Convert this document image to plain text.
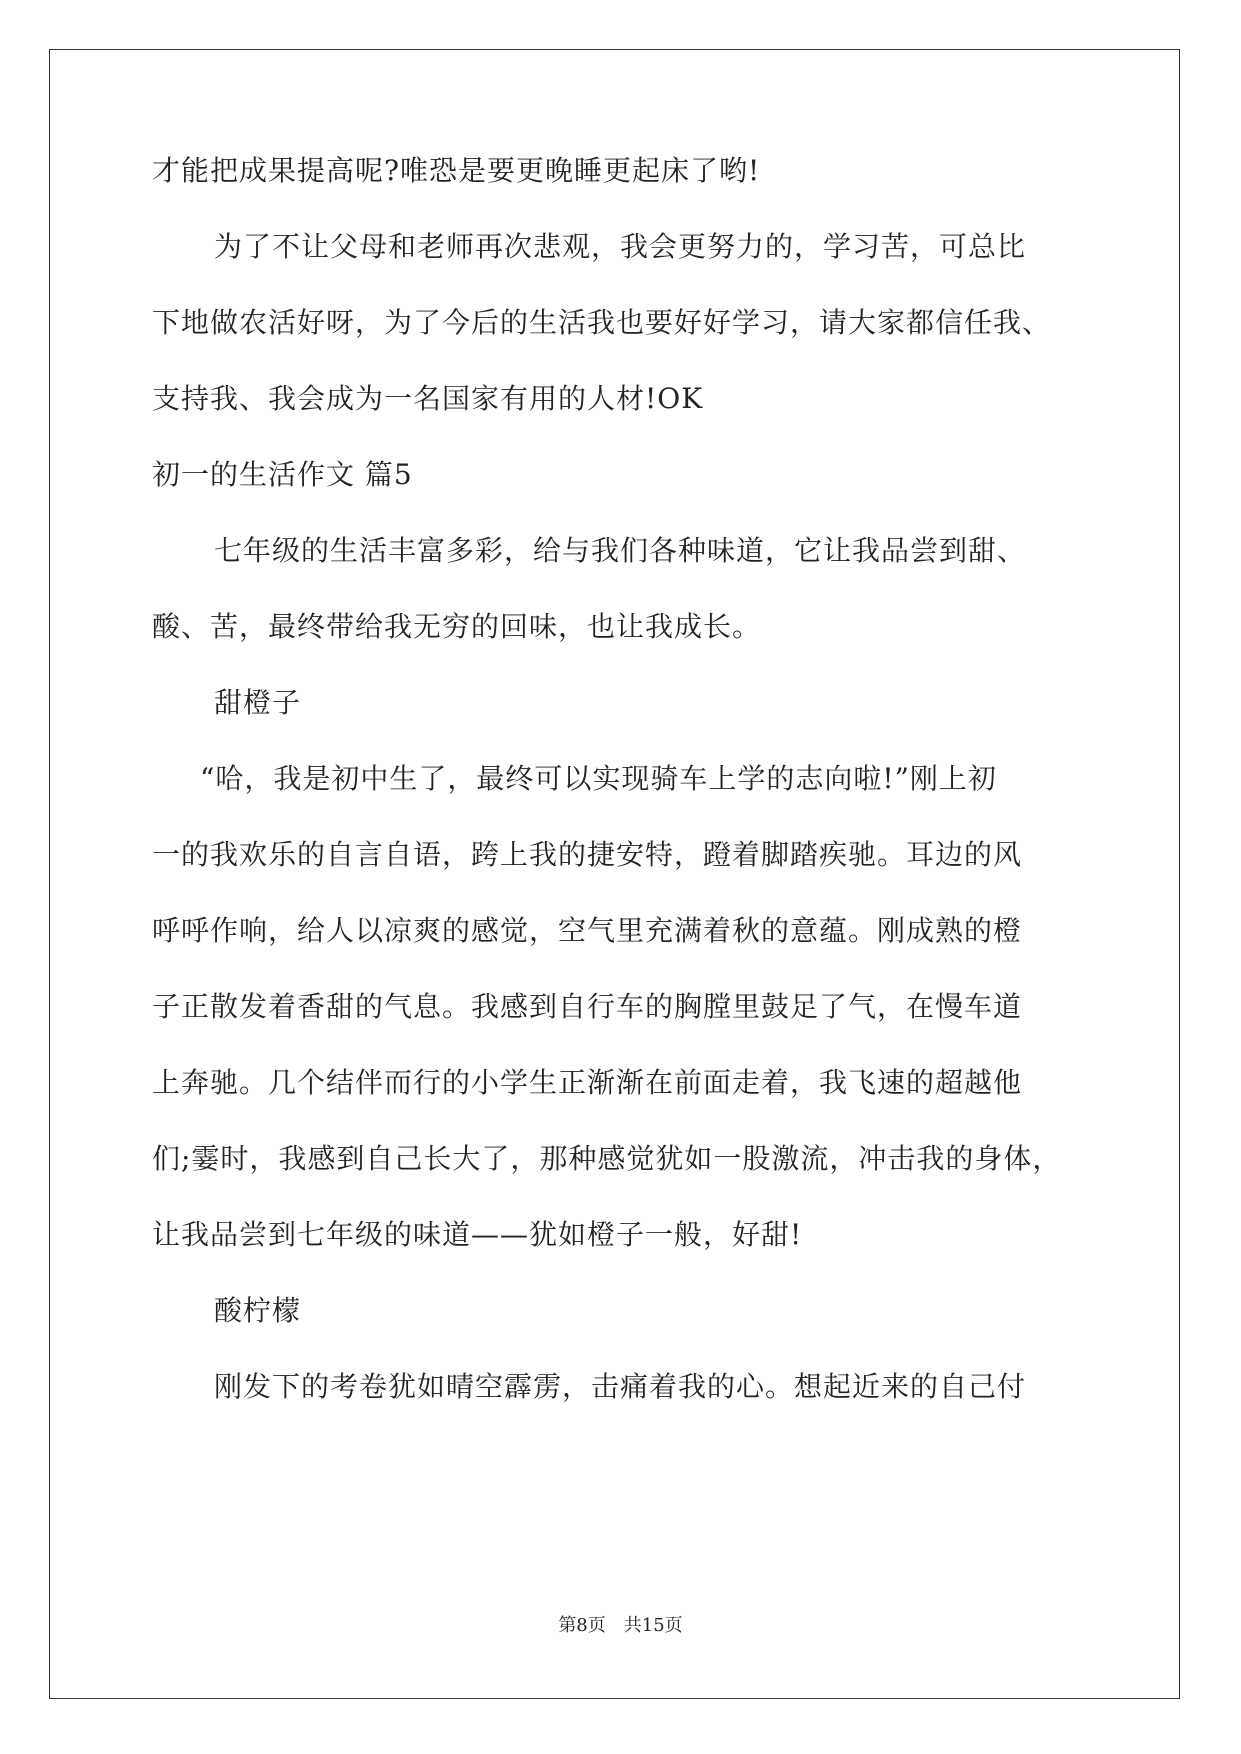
才能把成果提高呢?唯恐是要更晚睡更起床了哟!
为了不让父母和老师再次悲观，我会更努力的，学习苦，可总比
下地做农活好呀，为了今后的生活我也要好好学习，请大家都信任我、
支持我、我会成为一名国家有用的人材!OK
初一的生活作文 篇5
七年级的生活丰富多彩，给与我们各种味道，它让我品尝到甜、
酸、苦，最终带给我无穷的回味，也让我成长。
甜橙子
“哈，我是初中生了，最终可以实现骑车上学的志向啦!”刚上初
一的我欢乐的自言自语，跨上我的捷安特，蹬着脚踏疾驰。耳边的风
呼呼作响，给人以凉爽的感觉，空气里充满着秋的意蕴。刚成熟的橙
子正散发着香甜的气息。我感到自行车的胸膛里鼓足了气，在慢车道
上奔驰。几个结伴而行的小学生正渐渐在前面走着，我飞速的超越他
们;霎时，我感到自己长大了，那种感觉犹如一股激流，冲击我的身体，
让我品尝到七年级的味道——犹如橙子一般，好甜!
酸柠檬
刚发下的考卷犹如晴空霹雳，击痛着我的心。想起近来的自己付
第8页 共15页
